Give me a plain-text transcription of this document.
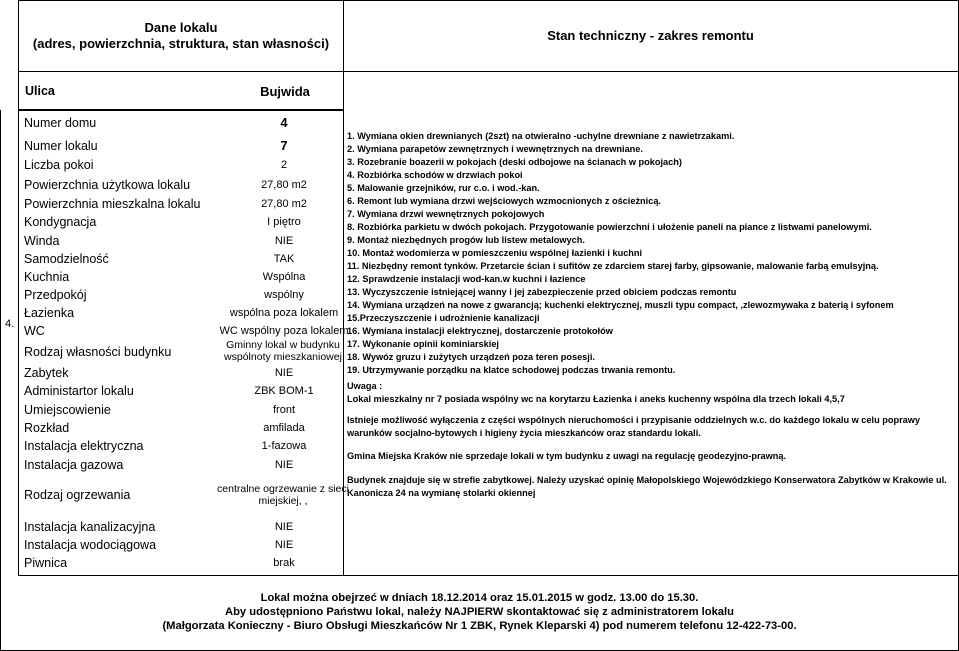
Dane lokalu
(adres, powierzchnia, struktura, stan własności)
Stan techniczny - zakres remontu
Ulica	Bujwida
4.
Numer domu	4
Numer lokalu	7
Liczba pokoi	2
Powierzchnia użytkowa lokalu	27,80 m2
Powierzchnia mieszkalna lokalu	27,80 m2
Kondygnacja	I piętro
Winda	NIE
Samodzielność	TAK
Kuchnia	Wspólna
Przedpokój	wspólny
Łazienka	wspólna poza lokalem
WC	WC wspólny poza lokalem
Rodzaj własności budynku	Gminny lokal w budynku wspólnoty mieszkaniowej
Zabytek	NIE
Administartor lokalu	ZBK BOM-1
Umiejscowienie	front
Rozkład	amfilada
Instalacja elektryczna	1-fazowa
Instalacja gazowa	NIE
Rodzaj ogrzewania	centralne ogrzewanie z sieci miejskiej, ,
Instalacja kanalizacyjna	NIE
Instalacja wodociągowa	NIE
Piwnica	brak
1. Wymiana okien drewnianych (2szt) na otwieralno -uchylne drewniane z nawietrzakami.
2. Wymiana parapetów zewnętrznych i wewnętrznych na drewniane.
3. Rozebranie boazerii w pokojach (deski odbojowe na ścianach w pokojach)
4. Rozbiórka schodów w drzwiach pokoi
5. Malowanie grzejników, rur c.o. i wod.-kan.
6. Remont lub wymiana drzwi wejściowych wzmocnionych z ościeżnicą.
7. Wymiana drzwi wewnętrznych pokojowych
8. Rozbiórka parkietu w dwóch pokojach. Przygotowanie powierzchni i ułożenie paneli na piance z listwami panelowymi.
9. Montaż niezbędnych progów lub listew metalowych.
10. Montaż wodomierza w pomieszczeniu wspólnej łazienki i kuchni
11. Niezbędny remont tynków. Przetarcie ścian i sufitów ze zdarciem starej farby, gipsowanie, malowanie farbą emulsyjną.
12. Sprawdzenie instalacji wod-kan.w kuchni i łazience
13. Wyczyszczenie istniejącej wanny i jej zabezpieczenie przed obiciem podczas remontu
14. Wymiana urządzeń na nowe z gwarancją; kuchenki elektrycznej, muszli typu compact, ,zlewozmywaka z baterią i syfonem
15.Przeczyszczenie i udrożnienie kanalizacji
16. Wymiana instalacji elektrycznej, dostarczenie protokołów
17. Wykonanie opinii kominiarskiej
18. Wywóz gruzu i zużytych urządzeń poza teren posesji.
19. Utrzymywanie porządku na klatce schodowej podczas trwania remontu.
Uwaga :
Lokal mieszkalny nr 7 posiada wspólny wc na korytarzu Łazienka i aneks kuchenny wspólna dla trzech lokali 4,5,7
Istnieje możliwość wyłączenia z części wspólnych nieruchomości i przypisanie oddzielnych w.c. do każdego lokalu w celu poprawy warunków socjalno-bytowych i higieny życia mieszkańców oraz standardu lokali.
Gmina Miejska Kraków nie sprzedaje lokali w tym budynku z uwagi na regulację geodezyjno-prawną.
Budynek znajduje się w strefie zabytkowej. Należy uzyskać opinię Małopolskiego Wojewódzkiego Konserwatora Zabytków w Krakowie ul. Kanonicza 24 na wymianę stolarki okiennej
Lokal można obejrzeć w dniach 18.12.2014 oraz 15.01.2015 w godz. 13.00 do 15.30.
Aby udostępniono Państwu lokal, należy NAJPIERW skontaktować się z administratorem lokalu
(Małgorzata Konieczny - Biuro Obsługi Mieszkańców Nr 1 ZBK, Rynek Kleparski 4) pod numerem telefonu 12-422-73-00.
